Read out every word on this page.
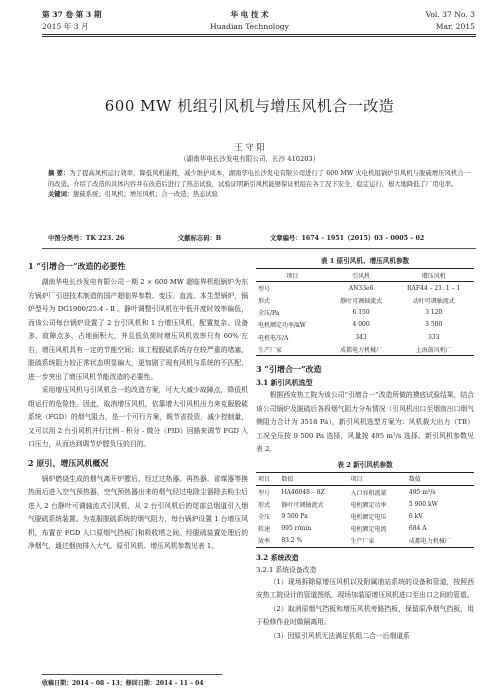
第 37 卷 第 3 期
2015 年 3 月
华 电 技 术
Huadian Technology
Vol. 37 No. 3
Mar. 2015
600 MW 机组引风机与增压风机合一改造
王 守 阳
（湖南华电长沙发电有限公司，长沙 410203）
摘 要：为了提高风机运行效率，降低风机能耗，减少维护成本，湖南华电长沙发电有限公司进行了 600 MW 火电机组锅炉引风机与脱硫增压风机合一的改造。介绍了改造的具体内容并在改造后进行了热态试验，试验证明新引风机能够保证机组在各工况下安全、稳定运行，根大地降低了厂用电率。
关键词：脱硫系统；引风机；增压风机；合一改造；热态试验
中图分类号：TK 223. 26	文献标志码：B	文章编号：1674 – 1951（2015）03 – 0005 – 02
1 “引增合一”改造的必要性

湖南华电长沙发电有限公司一期 2 × 600 MW 超临界机组锅炉为东方锅炉厂引进技术制造的国产超临界参数、变压、直流、本生型锅炉，锅炉型号为 DG1900/25.4 - Ⅱ 。静叶调整引风机在中低开度时效率偏低，而该公司每台锅炉设置了 2 台引风机和 1 台增压风机，配置复杂、设备多、故障点多、占地面积大，并且低负荷时增压风机效率只有 60% 左右，增压风机具有一定的节能空间；该工程脱硫系统存在较严重的堵塞，脱硫系统阻力较正常状态明显偏大，更加剧了现有风机与系统的不匹配，进一步突出了增压风机节能改造的必要性。

采用增压风机与引风机合一的改造方案，可大大减少故障点，降低机组运行的危险性。因此，取消增压风机，依靠增大引风机出力来克服脱硫系统（FGD）的烟气阻力，是一个可行方案，既节省投资，减少控制量，又可以用 2 台引风机并行比例 - 积分 - 微分（PID）回路来调节 FGD 入口压力，从而达到调节炉膛负压的目的。

2 原引、增压风机概况

锅炉燃烧生成的烟气离开炉膛后，经过过热器、再热器、省煤器等换热面后进入空气预热器，空气预热器出来的烟气经过电除尘器除去粉尘后进入 2 台静叶可调轴流式引风机，从 2 台引风机后的尾部总烟道引入烟气脱硫系统装置。为克服脱硫系统的烟气阻力，每台锅炉设置 1 台增压风机，布置在 FGD 入口原烟气挡板门和吸收塔之间。经脱硫装置处理后的净烟气，通过烟囱排入大气。原引风机、增压风机参数见表 1。

收稿日期：2014 – 08 – 13；修回日期：2014 – 11 – 04
表 1 原引风机、增压风机参数
项目	引风机	增压风机
型号	AN33e6	RAF44 – 21. 1 – 1
形式	静叶可调轴流式	动叶可调轴流式
全压/Pa	6 150	3 120
电机额定功率/kW	4 000	3 500
电机电压/A	343	333
生产厂家	成都电力机械厂	上海鼓风机厂
3 “引增合一”改造
3.1 新引风机选型

根据西安热工院为该公司“引增合一”改造所做的摸底试验结果，结合该公司锅炉及脱硫后各段烟气阻力分布情况（引风机出口至烟囱出口烟气侧阻力合计为 3518 Pa），新引风机选型方案为：风机裁大出力（TB）工况全压按 9 500 Pa 选择，风量按 495 m³/s 选择。新引风机参数见表 2。

表 2 新引风机参数
项目	数值	项目	数值
型号	HA46048 – 8Z	入口容积流量	495 m³/s
形式	静叶可调轴流式	电机额定功率	5 900 kW
全压	9 500 Pa	电机额定电压	6 kV
转速	995 r/min	电机额定电流	684 A
效率	83.2 %	生产厂家	成都电力机械厂
3.2 系统改造
3.2.1 系统设备改造

（1）现场拆除原增压风机以及附属油站系统的设备和管道，按照西安热工院设计的管道图纸，现场加装原增压风机进口至出口之间的管道。

（2）取消原烟气挡板和增压风机旁路挡板，保留原净烟气挡板，用于检修作业时做隔离用。

（3）因原引风机无法满足机组二合一后烟道系
